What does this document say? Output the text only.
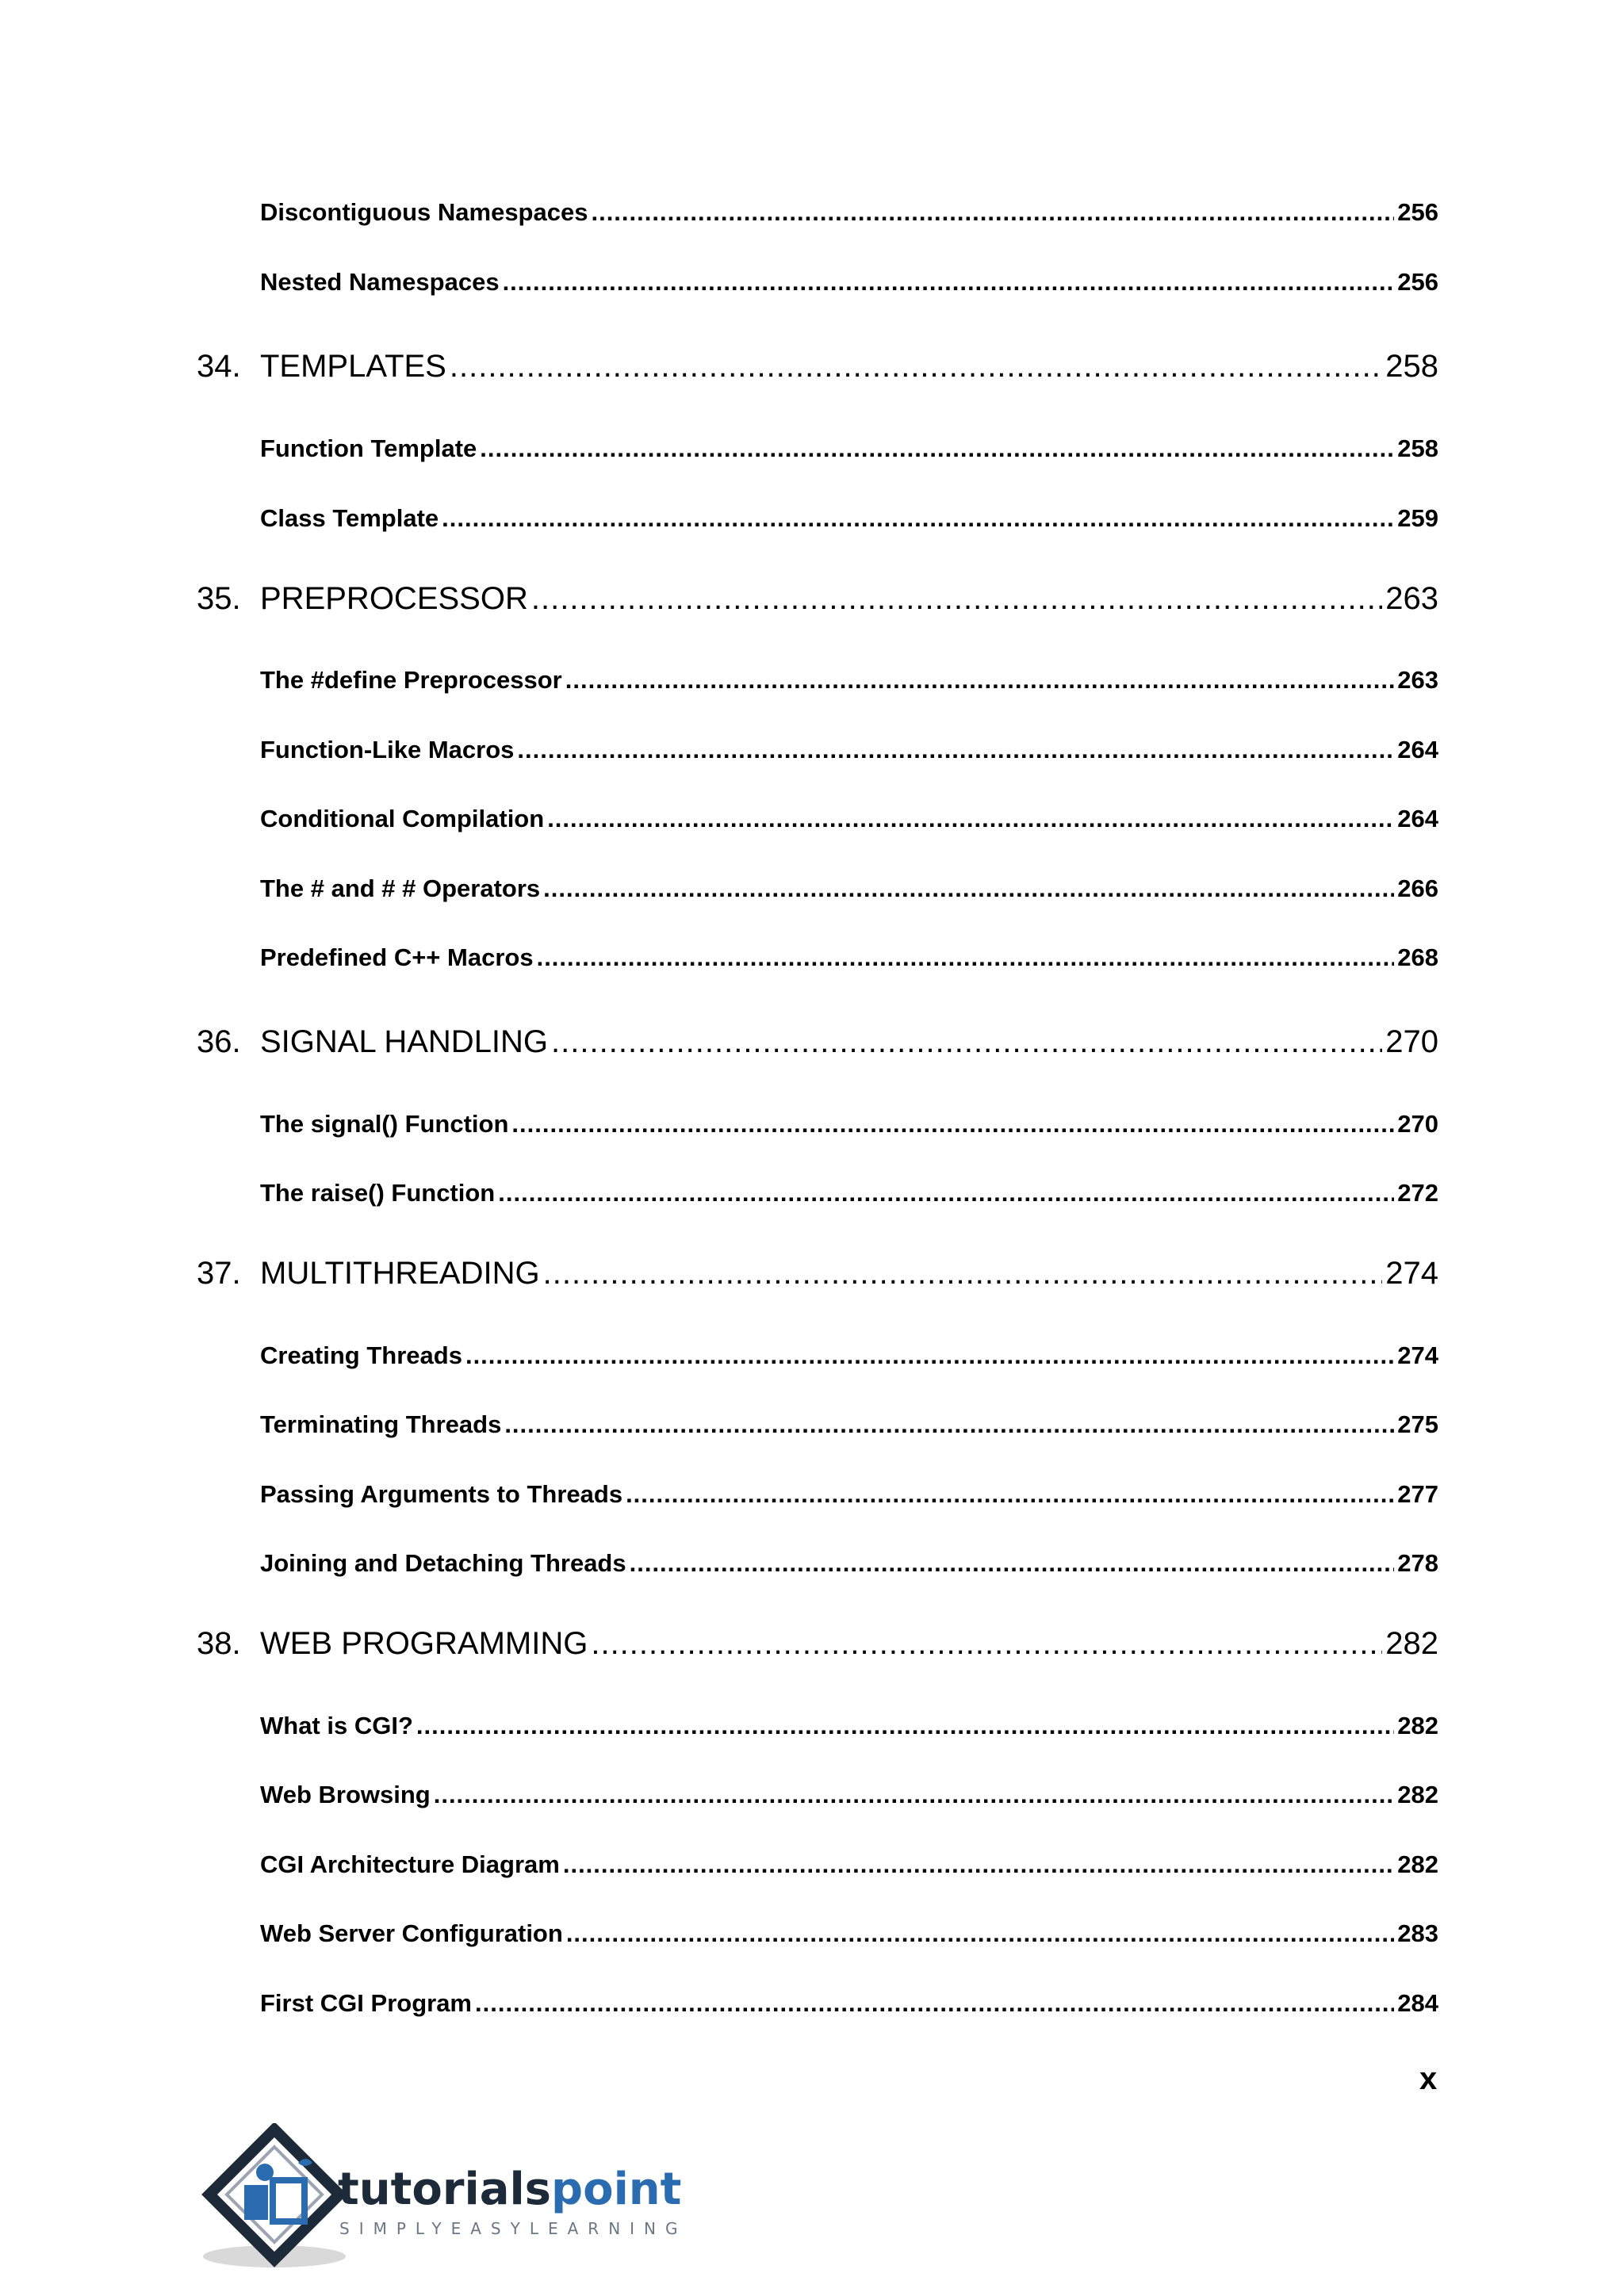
Discontiguous Namespaces .....	256
Nested Namespaces .....	256
34. TEMPLATES .....	258
Function Template .....	258
Class Template .....	259
35. PREPROCESSOR .....	263
The #define Preprocessor .....	263
Function-Like Macros .....	264
Conditional Compilation .....	264
The # and # # Operators .....	266
Predefined C++ Macros .....	268
36. SIGNAL HANDLING .....	270
The signal() Function .....	270
The raise() Function .....	272
37. MULTITHREADING .....	274
Creating Threads .....	274
Terminating Threads .....	275
Passing Arguments to Threads .....	277
Joining and Detaching Threads .....	278
38. WEB PROGRAMMING .....	282
What is CGI? .....	282
Web Browsing .....	282
CGI Architecture Diagram .....	282
Web Server Configuration .....	283
First CGI Program .....	284
x
tutorialspoint
SIMPLYEASYLEARNING
